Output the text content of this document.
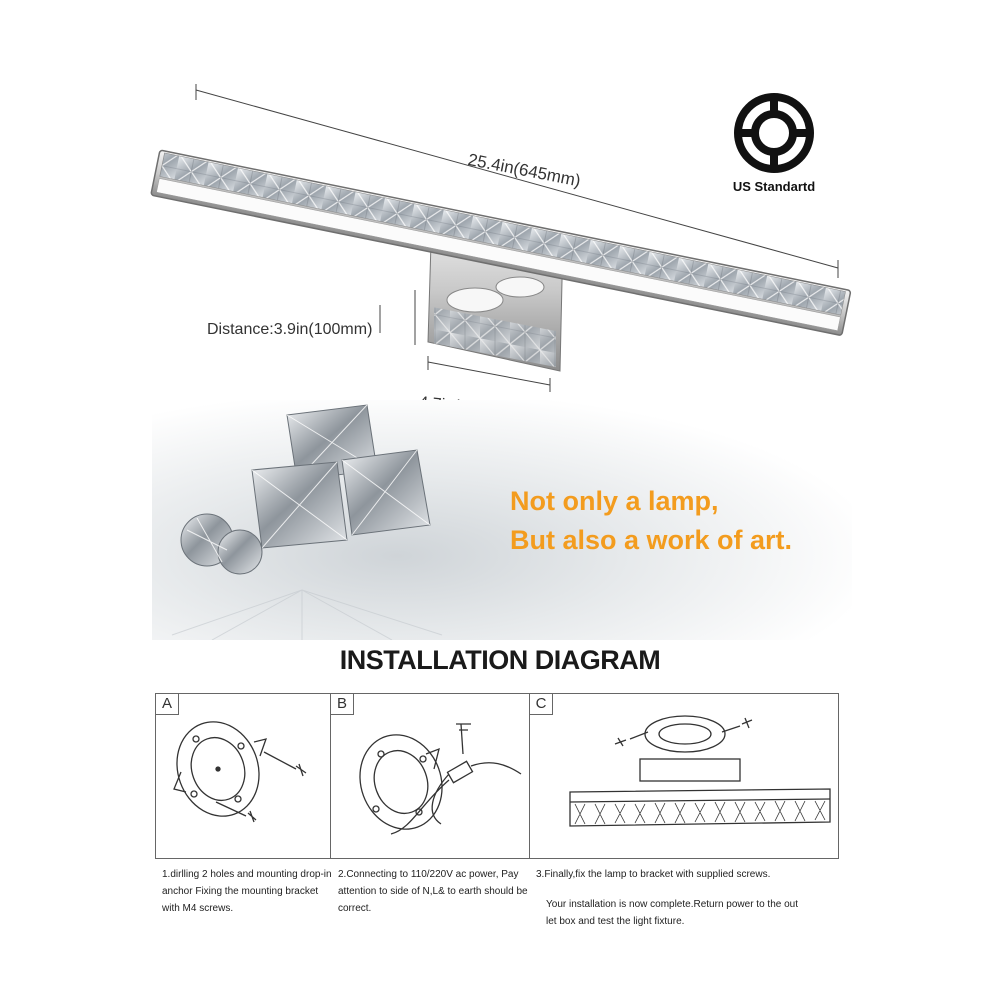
25.4in(645mm)
Distance:3.9in(100mm)
US Standartd
Not only a lamp,
But also a work of art.
INSTALLATION DIAGRAM
A	B	C
1.dirlling 2 holes and mounting drop-in anchor Fixing the mounting bracket with M4 screws.
2.Connecting to 110/220V ac power, Pay attention to side of N,L& to earth should be correct.
3.Finally,fix the lamp to bracket with supplied screws.
Your installation is now complete.Return power to the out let box and test the light fixture.
